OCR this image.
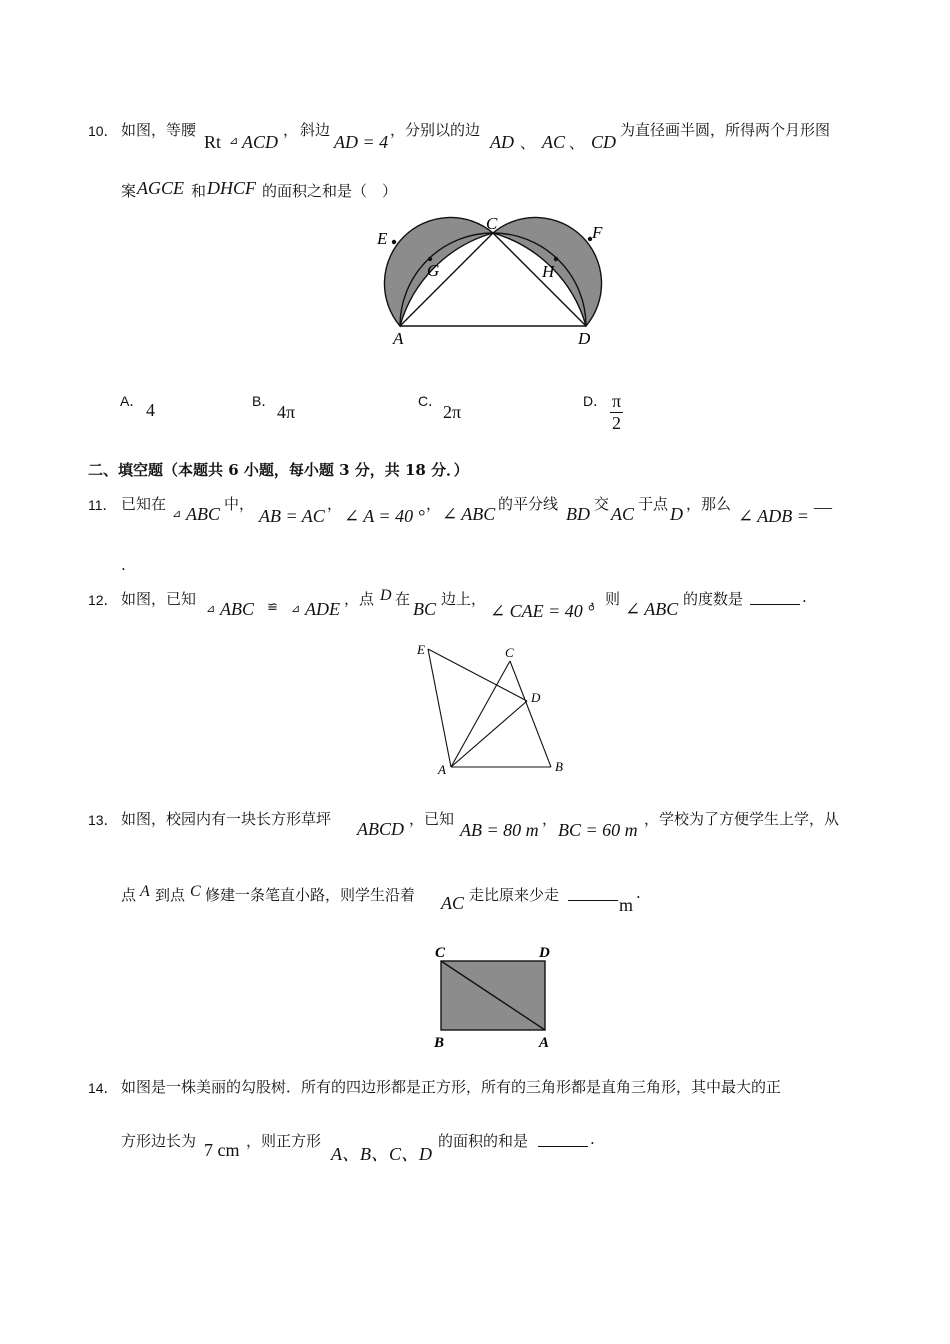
10． 如图，等腰
Rt ⊿ ACD
， 斜边
AD = 4
，分别以的边
AD 、 AC 、 CD
为直径画半圆，所得两个月形图
案 AGCE 和 DHCF 的面积之和是（　）
E
C	F
G	H
A	D
A． 4	B．
4π
C．
2π
D． $\frac{\pi}{2}$
二、填空题（本题共 6 小题，每小题 3 分，共 18 分．）
11． 已知在
⊿ ABC 中，
AB = AC
，
∠ A = 40 °
， ∠ ABC 的平分线 BD 交 AC 于点 D ，那么
∠ ADB = —
.
12． 如图，已知
⊿ ABC ≌ ⊿ ADE ，点 D 在 BC 边上，
∠ CAE = 40 °
，则 ∠ ABC 的度数是	.
E	C
D
A	B
13． 如图，校园内有一块长方形草坪 ABCD ，已知
AB = 80 m
，
BC = 60 m
，学校为了方便学生上学，从
点 A 到点 C 修建一条笔直小路，则学生沿着 AC 走比原来少走	m
.
C	D
B	A
14． 如图是一株美丽的勾股树．所有的四边形都是正方形，所有的三角形都是直角三角形，其中最大的正
方形边长为 7 cm ，则正方形
A、B、C、D
的面积的和是	.
